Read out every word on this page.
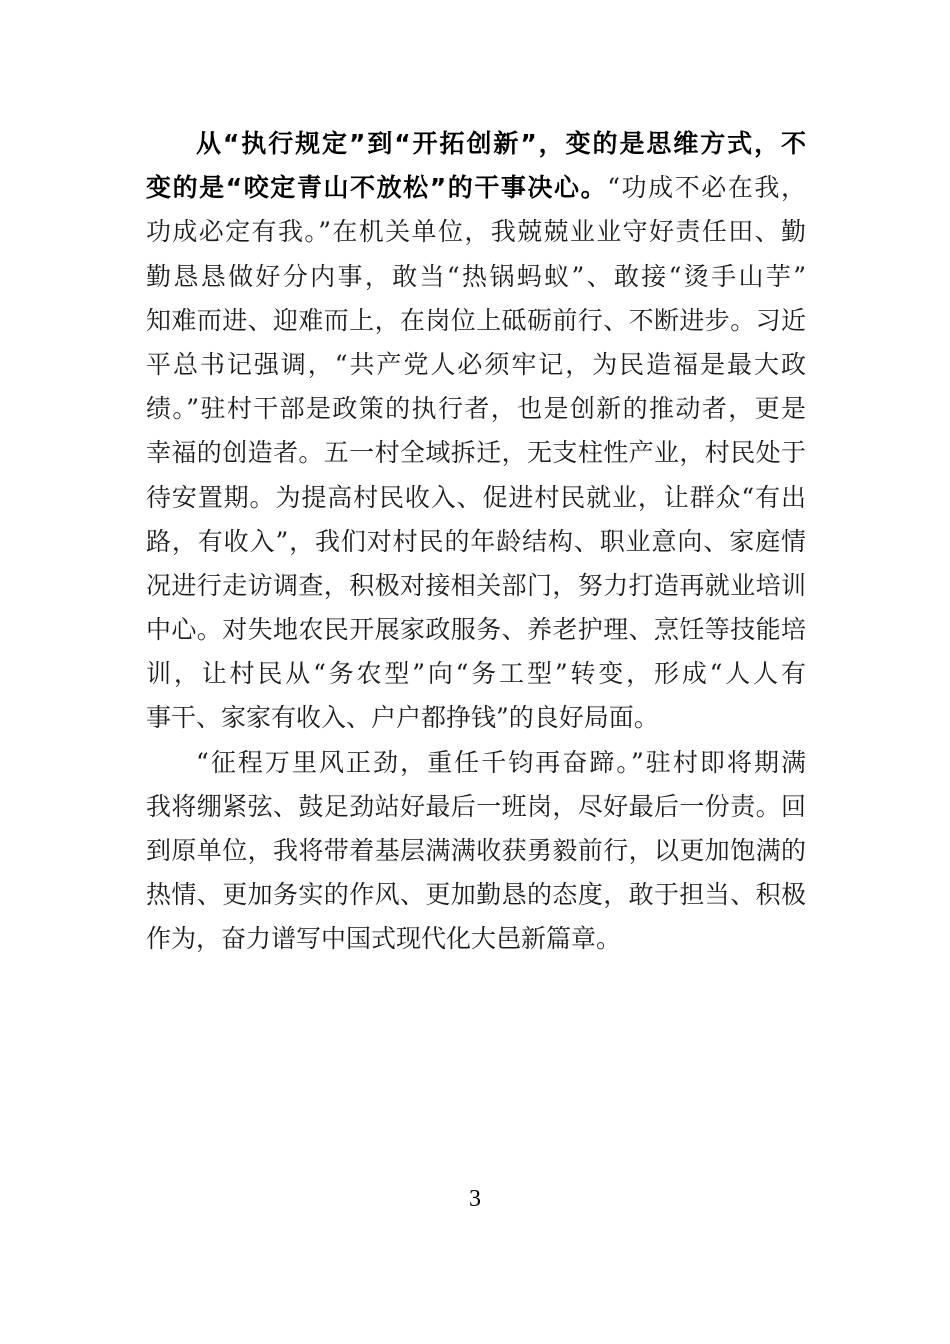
从“执行规定”到“开拓创新”，变的是思维方式，不
变的是“咬定青山不放松”的干事决心。“功成不必在我，
功成必定有我。”在机关单位，我兢兢业业守好责任田、勤
勤恳恳做好分内事，敢当“热锅蚂蚁”、敢接“烫手山芋”
知难而进、迎难而上，在岗位上砥砺前行、不断进步。习近
平总书记强调，“共产党人必须牢记，为民造福是最大政
绩。”驻村干部是政策的执行者，也是创新的推动者，更是
幸福的创造者。五一村全域拆迁，无支柱性产业，村民处于
待安置期。为提高村民收入、促进村民就业，让群众“有出
路，有收入”，我们对村民的年龄结构、职业意向、家庭情
况进行走访调查，积极对接相关部门，努力打造再就业培训
中心。对失地农民开展家政服务、养老护理、烹饪等技能培
训，让村民从“务农型”向“务工型”转变，形成“人人有
事干、家家有收入、户户都挣钱”的良好局面。
“征程万里风正劲，重任千钧再奋蹄。”驻村即将期满
我将绷紧弦、鼓足劲站好最后一班岗，尽好最后一份责。回
到原单位，我将带着基层满满收获勇毅前行，以更加饱满的
热情、更加务实的作风、更加勤恳的态度，敢于担当、积极
作为，奋力谱写中国式现代化大邑新篇章。
3
